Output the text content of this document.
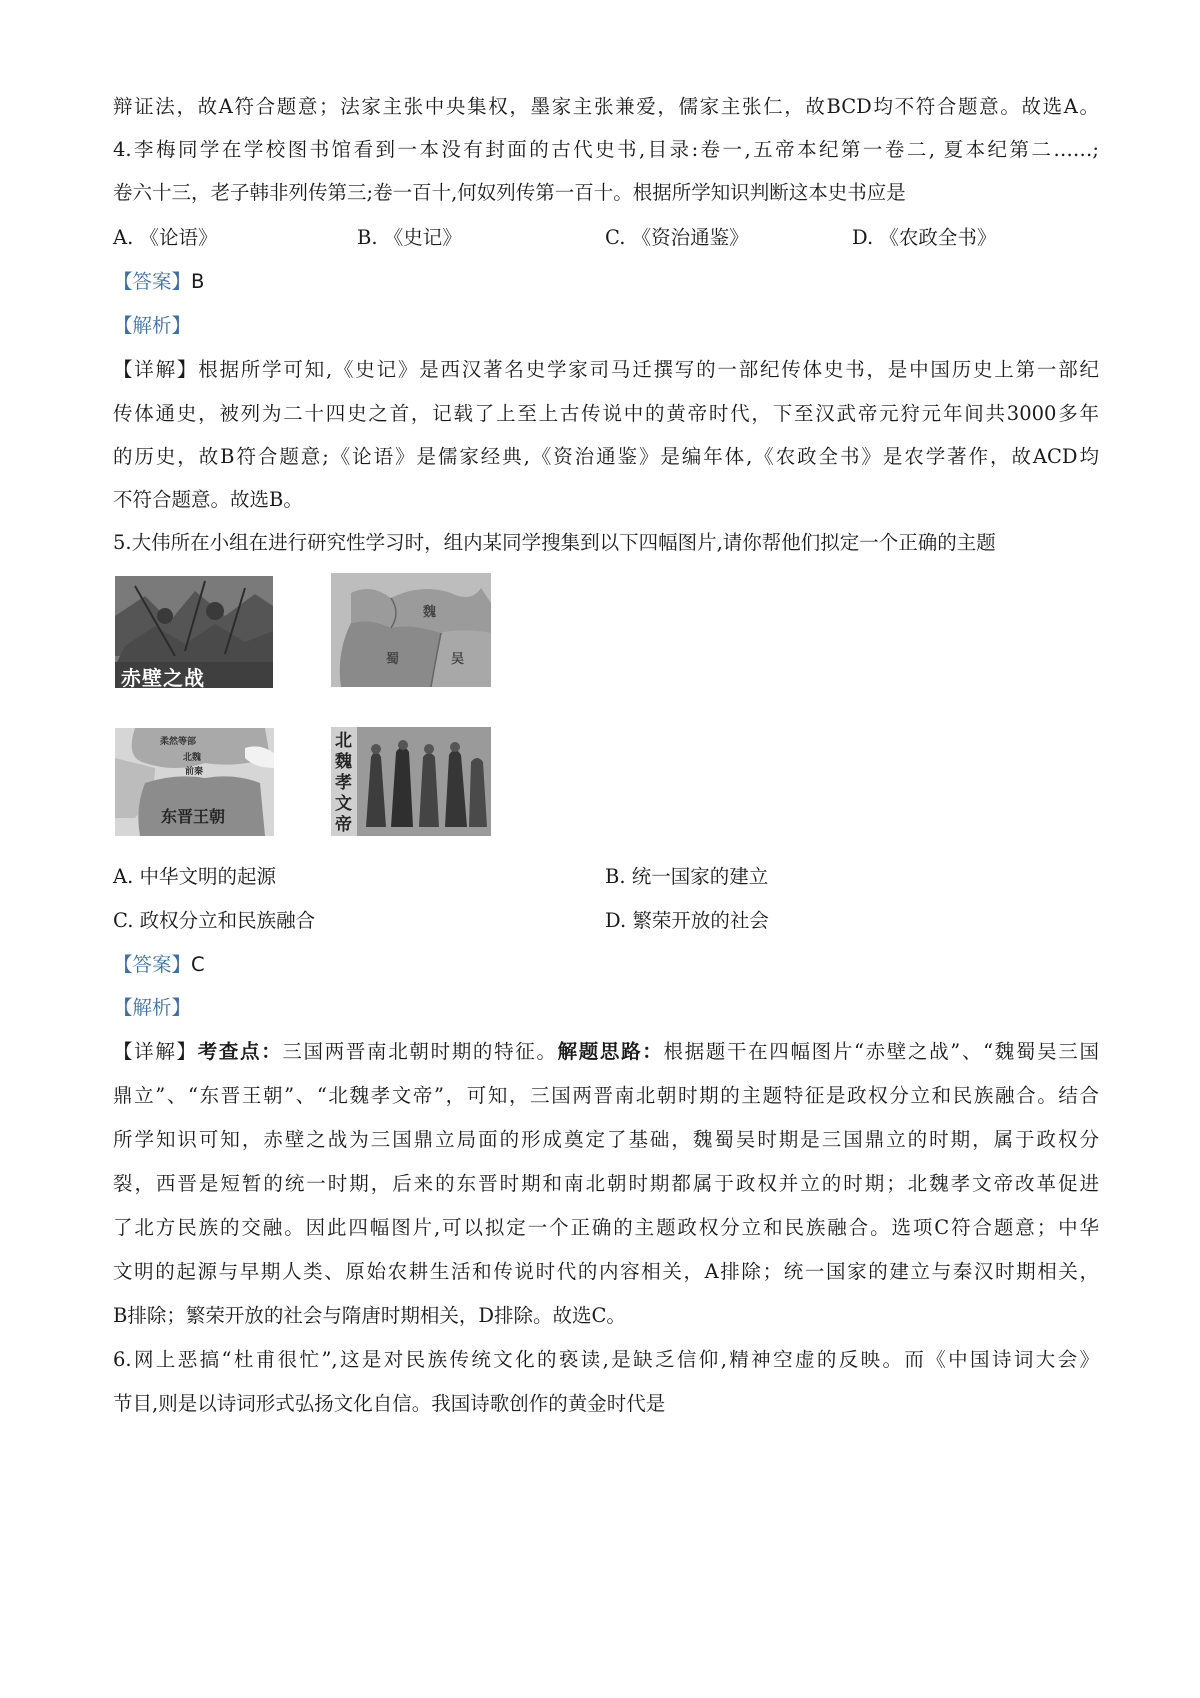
辩证法，故A符合题意；法家主张中央集权，墨家主张兼爱，儒家主张仁，故BCD均不符合题意。故选A。
4.李梅同学在学校图书馆看到一本没有封面的古代史书,目录:卷一,五帝本纪第一卷二, 夏本纪第二……;
卷六十三，老子韩非列传第三;卷一百十,何奴列传第一百十。根据所学知识判断这本史书应是
A. 《论语》	B. 《史记》	C. 《资治通鉴》	D. 《农政全书》
【答案】B
【解析】
【详解】根据所学可知,《史记》是西汉著名史学家司马迁撰写的一部纪传体史书，是中国历史上第一部纪
传体通史，被列为二十四史之首，记载了上至上古传说中的黄帝时代，下至汉武帝元狩元年间共3000多年
的历史，故B符合题意;《论语》是儒家经典,《资治通鉴》是编年体,《农政全书》是农学著作，故ACD均
不符合题意。故选B。
5.大伟所在小组在进行研究性学习时，组内某同学搜集到以下四幅图片,请你帮他们拟定一个正确的主题
赤壁之战
魏
蜀	吴
柔然等部
北魏
前秦
东晋王朝
北魏孝文帝
A. 中华文明的起源	B. 统一国家的建立
C. 政权分立和民族融合	D. 繁荣开放的社会
【答案】C
【解析】
【详解】考查点：三国两晋南北朝时期的特征。解题思路：根据题干在四幅图片“赤壁之战”、“魏蜀吴三国
鼎立”、“东晋王朝”、“北魏孝文帝”，可知，三国两晋南北朝时期的主题特征是政权分立和民族融合。结合
所学知识可知，赤壁之战为三国鼎立局面的形成奠定了基础，魏蜀吴时期是三国鼎立的时期，属于政权分
裂，西晋是短暂的统一时期，后来的东晋时期和南北朝时期都属于政权并立的时期；北魏孝文帝改革促进
了北方民族的交融。因此四幅图片,可以拟定一个正确的主题政权分立和民族融合。选项C符合题意；中华
文明的起源与早期人类、原始农耕生活和传说时代的内容相关，A排除；统一国家的建立与秦汉时期相关，
B排除；繁荣开放的社会与隋唐时期相关，D排除。故选C。
6.网上恶搞“杜甫很忙”,这是对民族传统文化的亵读,是缺乏信仰,精神空虚的反映。而《中国诗词大会》
节目,则是以诗词形式弘扬文化自信。我国诗歌创作的黄金时代是
